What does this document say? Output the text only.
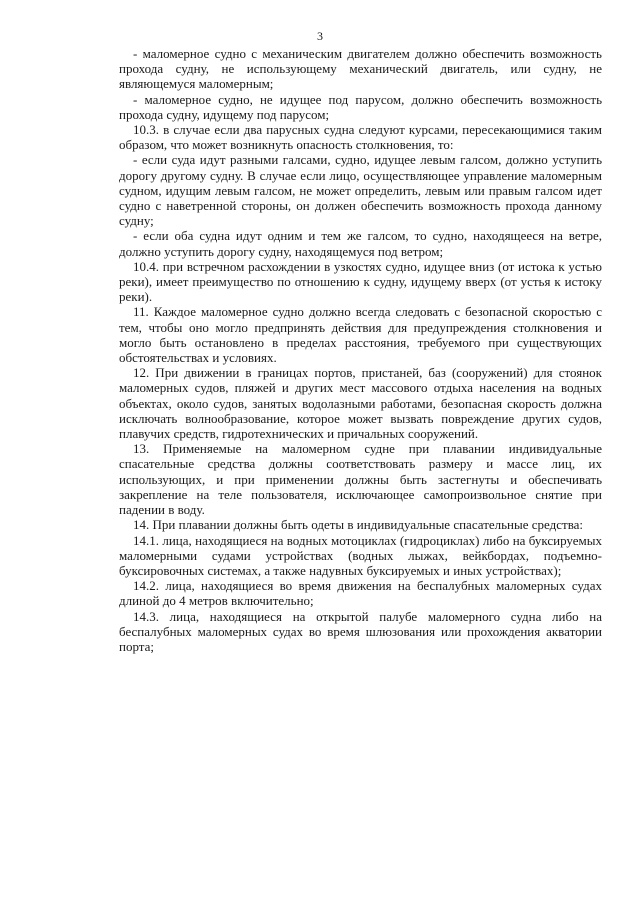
3

- маломерное судно с механическим двигателем должно обеспечить возможность прохода судну, не использующему механический двигатель, или судну, не являющемуся маломерным;

- маломерное судно, не идущее под парусом, должно обеспечить возможность прохода судну, идущему под парусом;

10.3. в случае если два парусных судна следуют курсами, пересекающимися таким образом, что может возникнуть опасность столкновения, то:

- если суда идут разными галсами, судно, идущее левым галсом, должно уступить дорогу другому судну. В случае если лицо, осуществляющее управление маломерным судном, идущим левым галсом, не может определить, левым или правым галсом идет судно с наветренной стороны, он должен обеспечить возможность прохода данному судну;

- если оба судна идут одним и тем же галсом, то судно, находящееся на ветре, должно уступить дорогу судну, находящемуся под ветром;

10.4. при встречном расхождении в узкостях судно, идущее вниз (от истока к устью реки), имеет преимущество по отношению к судну, идущему вверх (от устья к истоку реки).

11. Каждое маломерное судно должно всегда следовать с безопасной скоростью с тем, чтобы оно могло предпринять действия для предупреждения столкновения и могло быть остановлено в пределах расстояния, требуемого при существующих обстоятельствах и условиях.

12. При движении в границах портов, пристаней, баз (сооружений) для стоянок маломерных судов, пляжей и других мест массового отдыха населения на водных объектах, около судов, занятых водолазными работами, безопасная скорость должна исключать волнообразование, которое может вызвать повреждение других судов, плавучих средств, гидротехнических и причальных сооружений.

13. Применяемые на маломерном судне при плавании индивидуальные спасательные средства должны соответствовать размеру и массе лиц, их использующих, и при применении должны быть застегнуты и обеспечивать закрепление на теле пользователя, исключающее самопроизвольное снятие при падении в воду.

14. При плавании должны быть одеты в индивидуальные спасательные средства:

14.1. лица, находящиеся на водных мотоциклах (гидроциклах) либо на буксируемых маломерными судами устройствах (водных лыжах, вейкбордах, подъемно-буксировочных системах, а также надувных буксируемых и иных устройствах);

14.2. лица, находящиеся во время движения на беспалубных маломерных судах длиной до 4 метров включительно;

14.3. лица, находящиеся на открытой палубе маломерного судна либо на беспалубных маломерных судах во время шлюзования или прохождения акватории порта;
